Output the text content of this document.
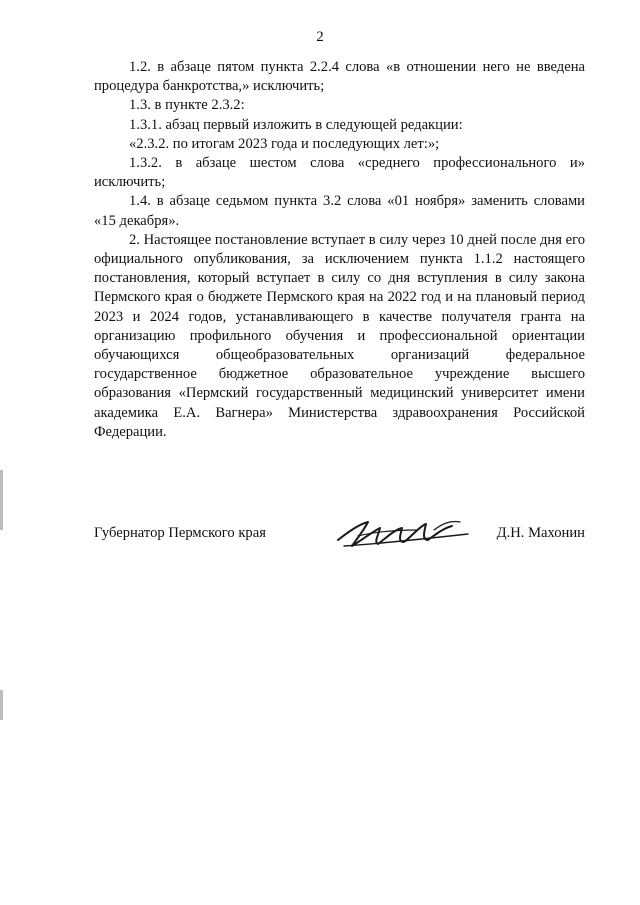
2

1.2. в абзаце пятом пункта 2.2.4 слова «в отношении него не введена процедура банкротства,» исключить;

1.3. в пункте 2.3.2:

1.3.1. абзац первый изложить в следующей редакции:

«2.3.2. по итогам 2023 года и последующих лет:»;

1.3.2. в абзаце шестом слова «среднего профессионального и» исключить;

1.4. в абзаце седьмом пункта 3.2 слова «01 ноября» заменить словами «15 декабря».

2. Настоящее постановление вступает в силу через 10 дней после дня его официального опубликования, за исключением пункта 1.1.2 настоящего постановления, который вступает в силу со дня вступления в силу закона Пермского края о бюджете Пермского края на 2022 год и на плановый период 2023 и 2024 годов, устанавливающего в качестве получателя гранта на организацию профильного обучения и профессиональной ориентации обучающихся общеобразовательных организаций федеральное государственное бюджетное образовательное учреждение высшего образования «Пермский государственный медицинский университет имени академика Е.А. Вагнера» Министерства здравоохранения Российской Федерации.

Губернатор Пермского края	Д.Н. Махонин
